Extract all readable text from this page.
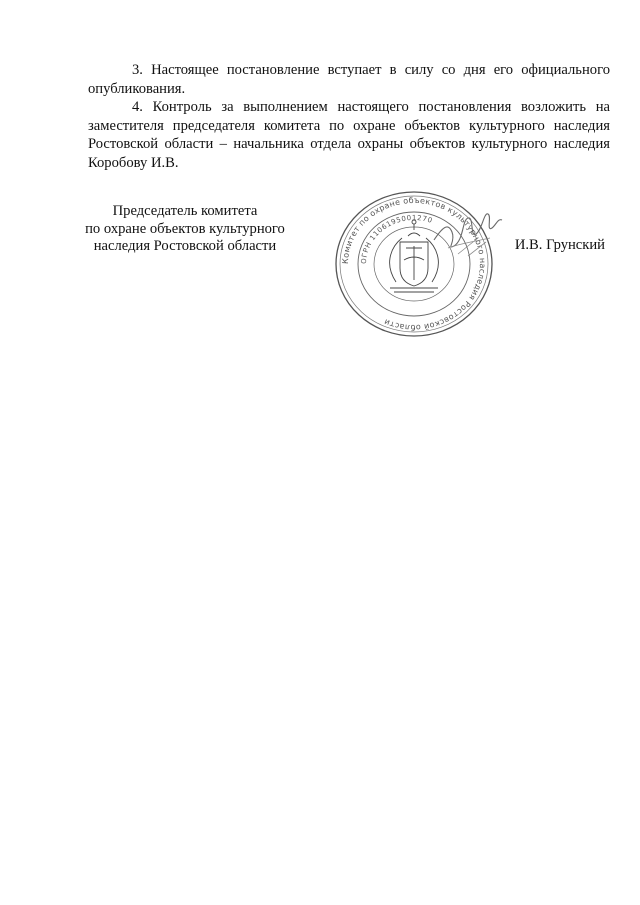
3. Настоящее постановление вступает в силу со дня его официального опубликования.

4. Контроль за выполнением настоящего постановления возложить на заместителя председателя комитета по охране объектов культурного наследия Ростовской области – начальника отдела охраны объектов культурного наследия Коробову И.В.

Председатель комитета
по охране объектов культурного
наследия Ростовской области
Комитет по охране объектов культурного наследия Ростовской области
ОГРН 1106195001270
И.В. Грунский
